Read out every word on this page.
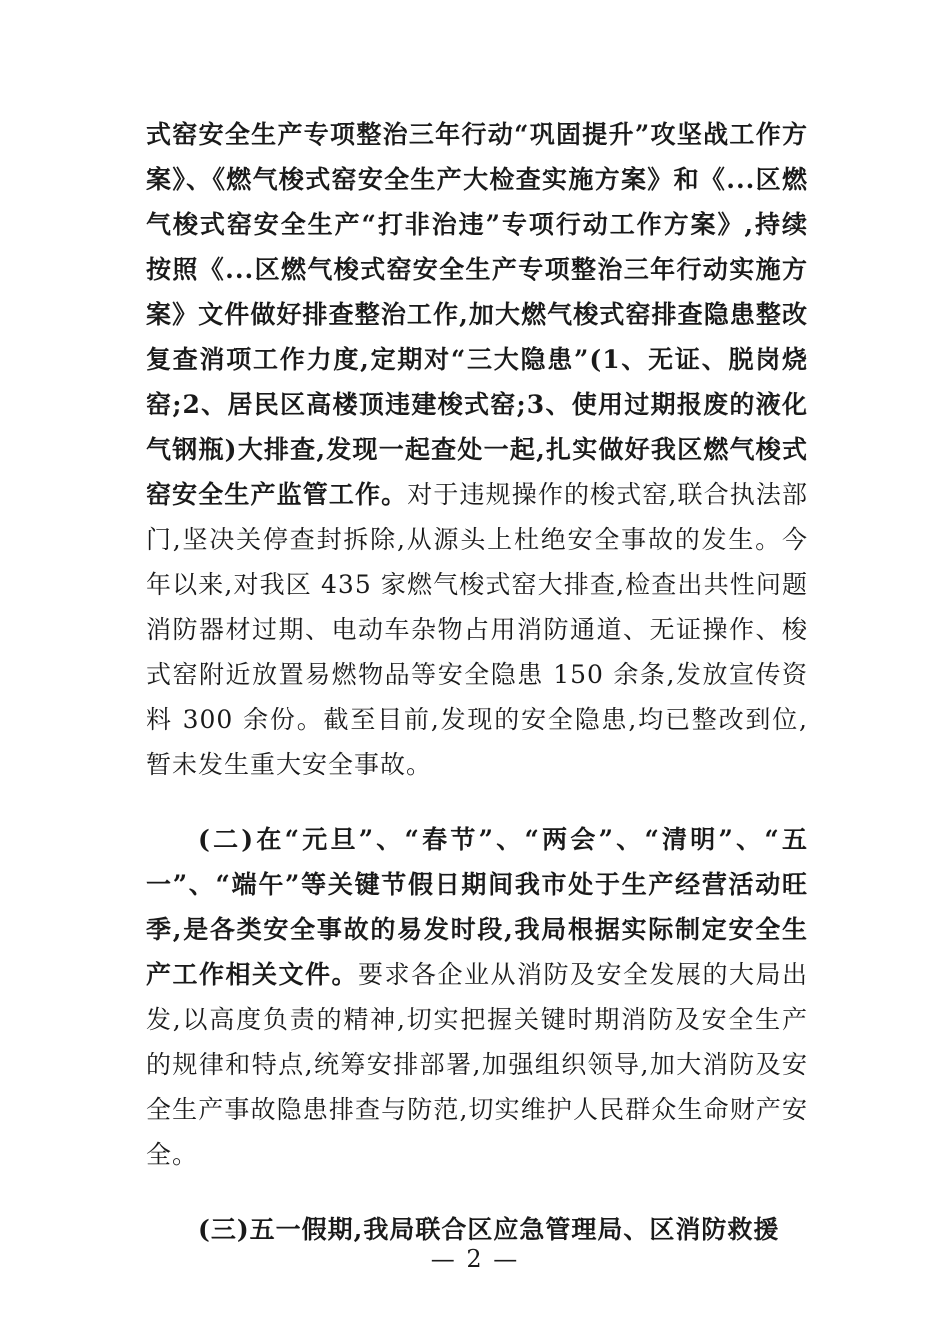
式窑安全生产专项整治三年行动“巩固提升”攻坚战工作方案》、《燃气梭式窑安全生产大检查实施方案》和《...区燃气梭式窑安全生产“打非治违”专项行动工作方案》,持续按照《...区燃气梭式窑安全生产专项整治三年行动实施方案》文件做好排查整治工作,加大燃气梭式窑排查隐患整改复查消项工作力度,定期对“三大隐患”(1、无证、脱岗烧窑;2、居民区高楼顶违建梭式窑;3、使用过期报废的液化气钢瓶)大排查,发现一起查处一起,扎实做好我区燃气梭式窑安全生产监管工作。对于违规操作的梭式窑,联合执法部门,坚决关停查封拆除,从源头上杜绝安全事故的发生。今年以来,对我区 435 家燃气梭式窑大排查,检查出共性问题消防器材过期、电动车杂物占用消防通道、无证操作、梭式窑附近放置易燃物品等安全隐患 150 余条,发放宣传资料 300 余份。截至目前,发现的安全隐患,均已整改到位,暂未发生重大安全事故。

(二)在“元旦”、“春节”、“两会”、“清明”、“五一”、“端午”等关键节假日期间我市处于生产经营活动旺季,是各类安全事故的易发时段,我局根据实际制定安全生产工作相关文件。要求各企业从消防及安全发展的大局出发,以高度负责的精神,切实把握关键时期消防及安全生产的规律和特点,统筹安排部署,加强组织领导,加大消防及安全生产事故隐患排查与防范,切实维护人民群众生命财产安全。

(三)五一假期,我局联合区应急管理局、区消防救援

— 2 —
